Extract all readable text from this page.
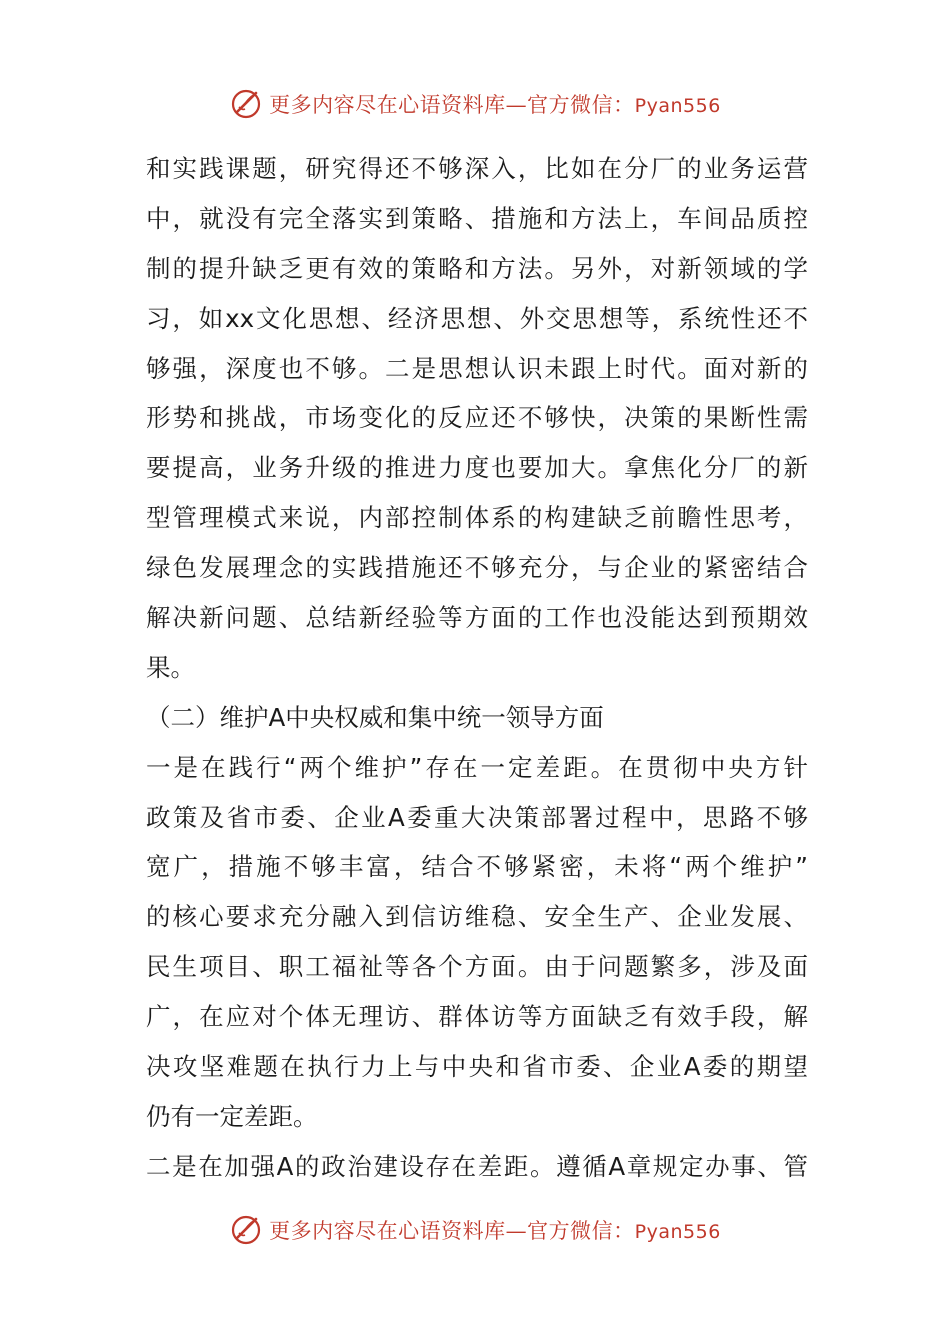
更多内容尽在心语资料库—官方微信：Pyan556
和实践课题，研究得还不够深入，比如在分厂的业务运营
中，就没有完全落实到策略、措施和方法上，车间品质控
制的提升缺乏更有效的策略和方法。另外，对新领域的学
习，如xx文化思想、经济思想、外交思想等，系统性还不
够强，深度也不够。二是思想认识未跟上时代。面对新的
形势和挑战，市场变化的反应还不够快，决策的果断性需
要提高，业务升级的推进力度也要加大。拿焦化分厂的新
型管理模式来说，内部控制体系的构建缺乏前瞻性思考，
绿色发展理念的实践措施还不够充分，与企业的紧密结合
解决新问题、总结新经验等方面的工作也没能达到预期效
果。
（二）维护A中央权威和集中统一领导方面
一是在践行“两个维护”存在一定差距。在贯彻中央方针
政策及省市委、企业A委重大决策部署过程中，思路不够
宽广，措施不够丰富，结合不够紧密，未将“两个维护”
的核心要求充分融入到信访维稳、安全生产、企业发展、
民生项目、职工福祉等各个方面。由于问题繁多，涉及面
广，在应对个体无理访、群体访等方面缺乏有效手段，解
决攻坚难题在执行力上与中央和省市委、企业A委的期望
仍有一定差距。
二是在加强A的政治建设存在差距。遵循A章规定办事、管
更多内容尽在心语资料库—官方微信：Pyan556
